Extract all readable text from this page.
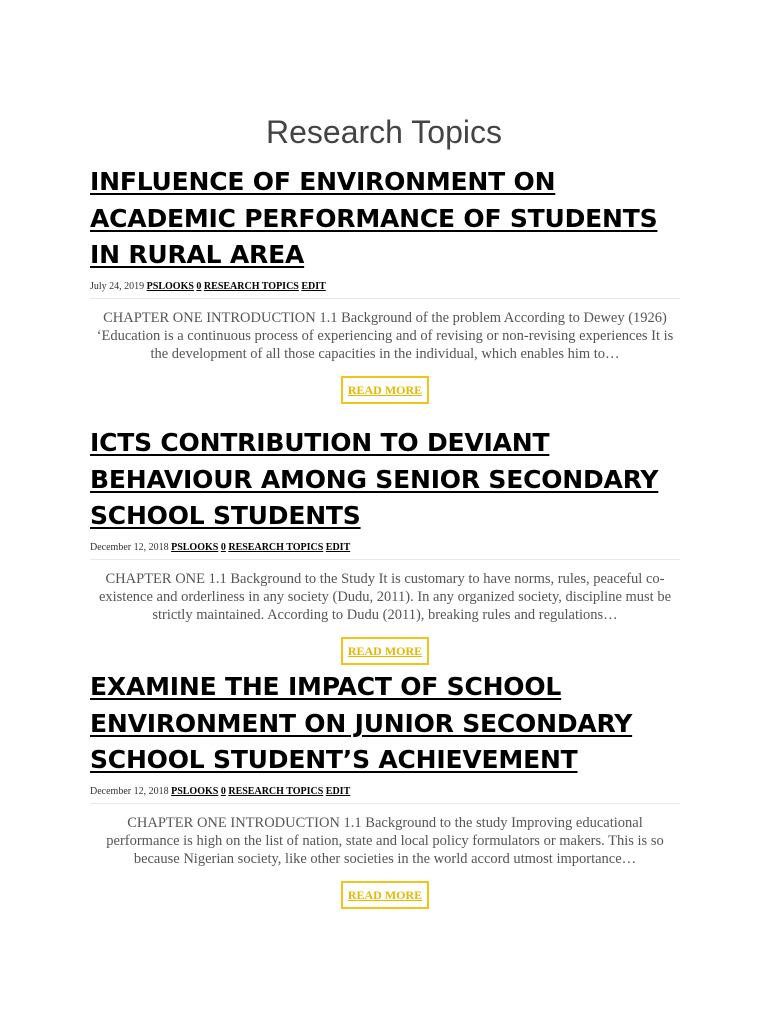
Research Topics
INFLUENCE OF ENVIRONMENT ON ACADEMIC PERFORMANCE OF STUDENTS IN RURAL AREA
July 24, 2019 PSLOOKS 0 RESEARCH TOPICS EDIT

CHAPTER ONE INTRODUCTION 1.1 Background of the problem According to Dewey (1926) ‘Education is a continuous process of experiencing and of revising or non-revising experiences It is the development of all those capacities in the individual, which enables him to…

READ MORE
ICTS CONTRIBUTION TO DEVIANT BEHAVIOUR AMONG SENIOR SECONDARY SCHOOL STUDENTS
December 12, 2018 PSLOOKS 0 RESEARCH TOPICS EDIT

CHAPTER ONE 1.1 Background to the Study It is customary to have norms, rules, peaceful co-existence and orderliness in any society (Dudu, 2011). In any organized society, discipline must be strictly maintained. According to Dudu (2011), breaking rules and regulations…

READ MORE
EXAMINE THE IMPACT OF SCHOOL ENVIRONMENT ON JUNIOR SECONDARY SCHOOL STUDENT’S ACHIEVEMENT
December 12, 2018 PSLOOKS 0 RESEARCH TOPICS EDIT

CHAPTER ONE INTRODUCTION 1.1 Background to the study Improving educational performance is high on the list of nation, state and local policy formulators or makers. This is so because Nigerian society, like other societies in the world accord utmost importance…

READ MORE
